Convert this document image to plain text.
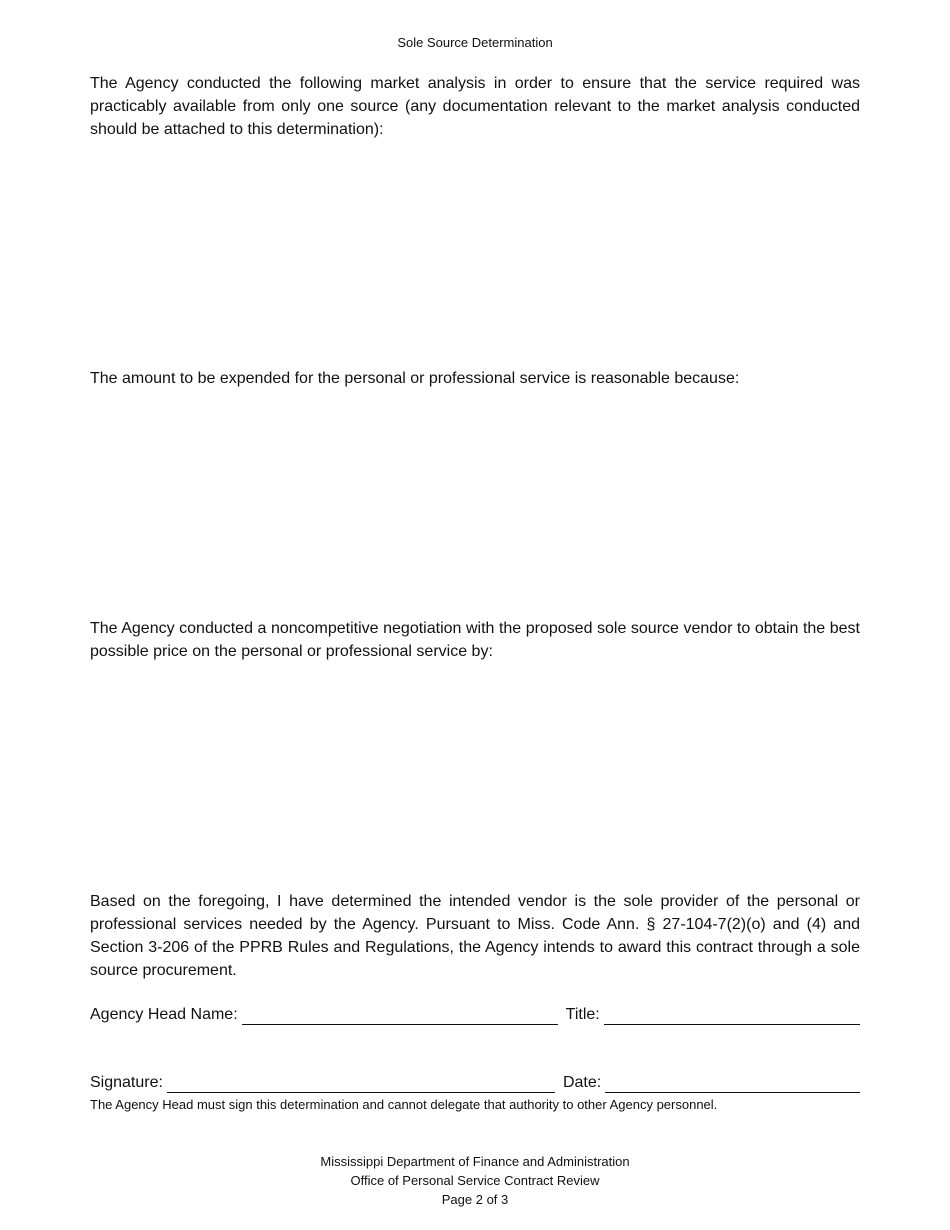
Sole Source Determination

The Agency conducted the following market analysis in order to ensure that the service required was practicably available from only one source (any documentation relevant to the market analysis conducted should be attached to this determination):

The amount to be expended for the personal or professional service is reasonable because:

The Agency conducted a noncompetitive negotiation with the proposed sole source vendor to obtain the best possible price on the personal or professional service by:

Based on the foregoing, I have determined the intended vendor is the sole provider of the personal or professional services needed by the Agency. Pursuant to Miss. Code Ann. § 27-104-7(2)(o) and (4) and Section 3-206 of the PPRB Rules and Regulations, the Agency intends to award this contract through a sole source procurement.

Agency Head Name:	Title:
Signature:	Date:
The Agency Head must sign this determination and cannot delegate that authority to other Agency personnel.
Mississippi Department of Finance and Administration
Office of Personal Service Contract Review
Page 2 of 3
